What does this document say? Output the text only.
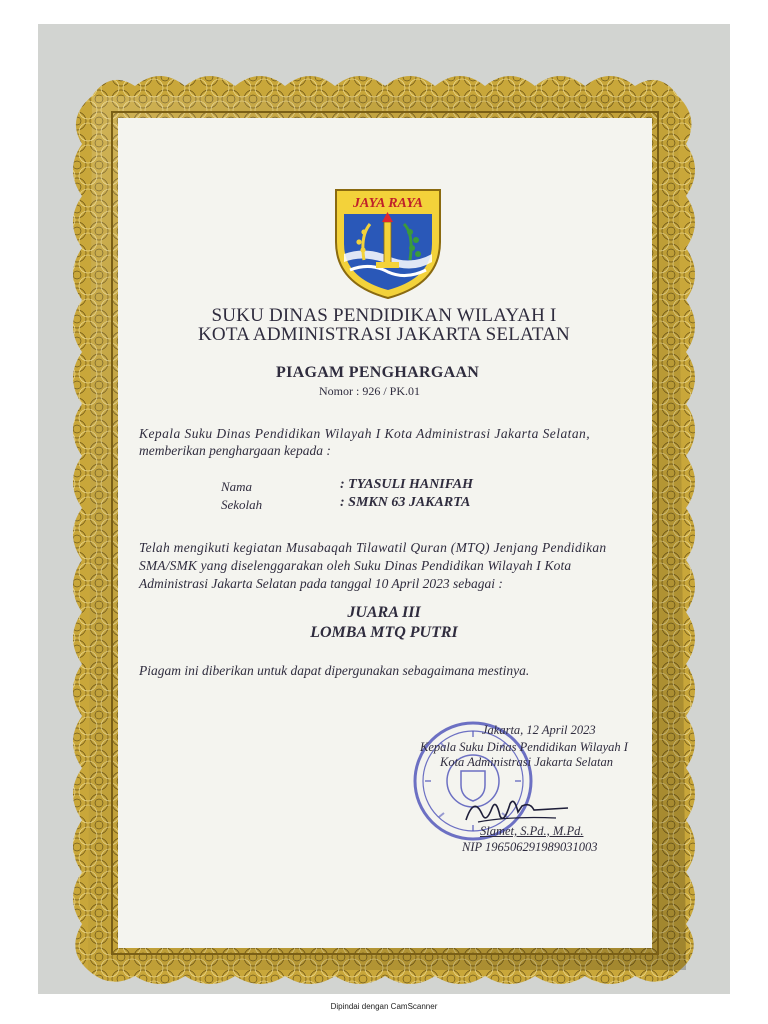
JAYA RAYA
SUKU DINAS PENDIDIKAN WILAYAH I
KOTA ADMINISTRASI JAKARTA SELATAN
PIAGAM PENGHARGAAN
Nomor : 926 / PK.01
Kepala Suku Dinas Pendidikan Wilayah I Kota Administrasi Jakarta Selatan,
memberikan penghargaan kepada :
Nama	: TYASULI HANIFAH
Sekolah	: SMKN 63 JAKARTA
Telah mengikuti kegiatan Musabaqah Tilawatil Quran (MTQ) Jenjang Pendidikan
SMA/SMK yang diselenggarakan oleh Suku Dinas Pendidikan Wilayah I Kota
Administrasi Jakarta Selatan pada tanggal 10 April 2023 sebagai :
JUARA III
LOMBA MTQ PUTRI
Piagam ini diberikan untuk dapat dipergunakan sebagaimana mestinya.
Jakarta, 12 April 2023
Kepala Suku Dinas Pendidikan Wilayah I
Kota Administrasi Jakarta Selatan
Slamet, S.Pd., M.Pd.
NIP 196506291989031003
Dipindai dengan CamScanner
